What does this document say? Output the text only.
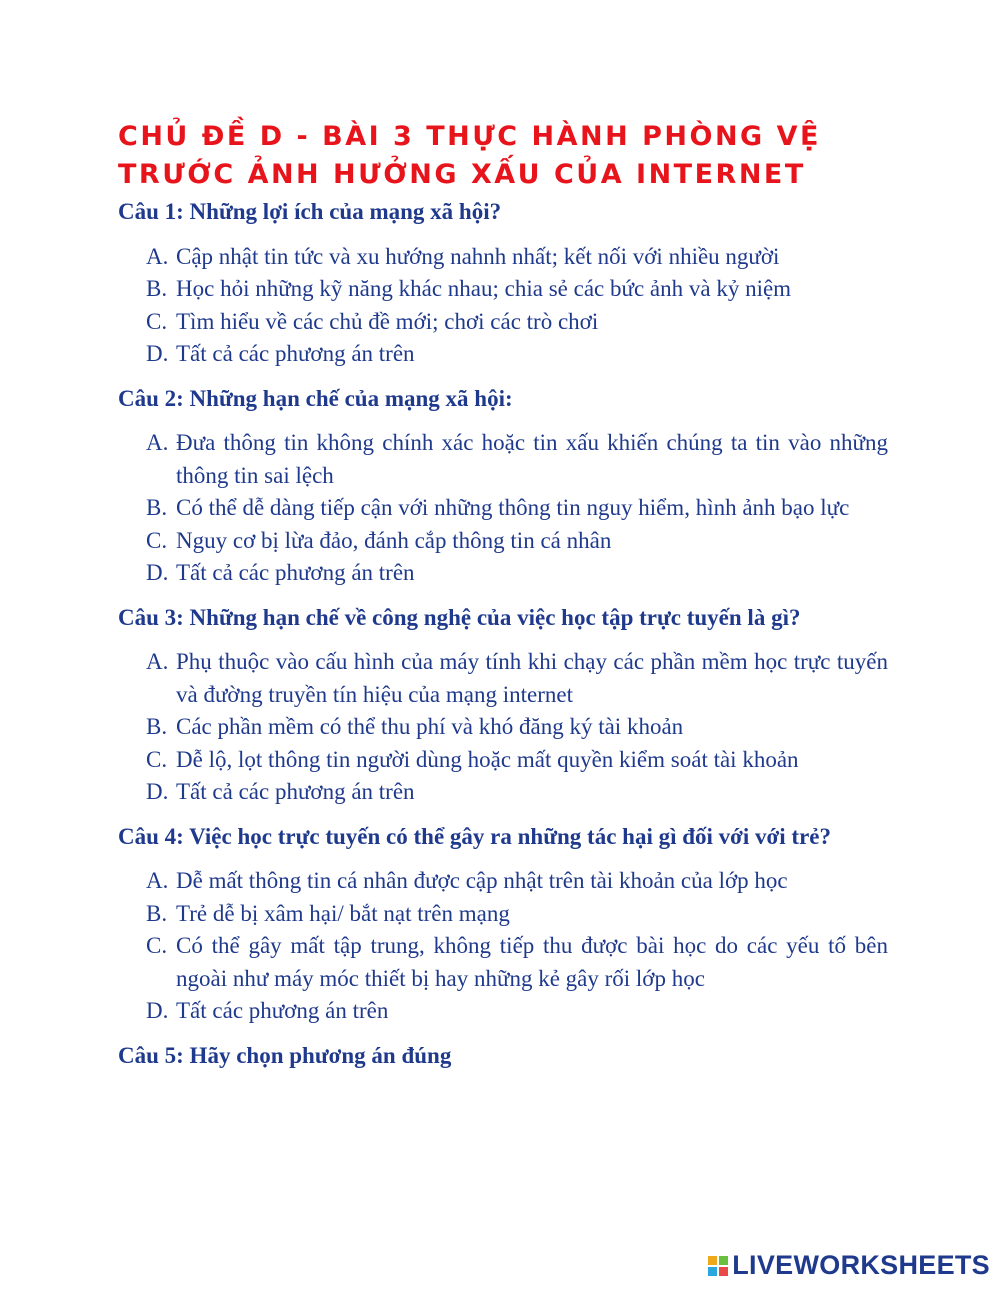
CHỦ ĐỀ D - BÀI 3 THỰC HÀNH PHÒNG VỆ
TRƯỚC ẢNH HƯỞNG XẤU CỦA INTERNET
Câu 1: Những lợi ích của mạng xã hội?
A. Cập nhật tin tức và xu hướng nahnh nhất; kết nối với nhiều người
B. Học hỏi những kỹ năng khác nhau; chia sẻ các bức ảnh và kỷ niệm
C. Tìm hiểu về các chủ đề mới; chơi các trò chơi
D. Tất cả các phương án trên
Câu 2: Những hạn chế của mạng xã hội:
A. Đưa thông tin không chính xác hoặc tin xấu khiến chúng ta tin vào những thông tin sai lệch
B. Có thể dễ dàng tiếp cận với những thông tin nguy hiểm, hình ảnh bạo lực
C. Nguy cơ bị lừa đảo, đánh cắp thông tin cá nhân
D. Tất cả các phương án trên
Câu 3: Những hạn chế về công nghệ của việc học tập trực tuyến là gì?
A. Phụ thuộc vào cấu hình của máy tính khi chạy các phần mềm học trực tuyến và đường truyền tín hiệu của mạng internet
B. Các phần mềm có thể thu phí và khó đăng ký tài khoản
C. Dễ lộ, lọt thông tin người dùng hoặc mất quyền kiểm soát tài khoản
D. Tất cả các phương án trên
Câu 4: Việc học trực tuyến có thể gây ra những tác hại gì đối với với trẻ?
A. Dễ mất thông tin cá nhân được cập nhật trên tài khoản của lớp học
B. Trẻ dễ bị xâm hại/ bắt nạt trên mạng
C. Có thể gây mất tập trung, không tiếp thu được bài học do các yếu tố bên ngoài như máy móc thiết bị hay những kẻ gây rối lớp học
D. Tất các phương án trên
Câu 5: Hãy chọn phương án đúng
LIVEWORKSHEETS
